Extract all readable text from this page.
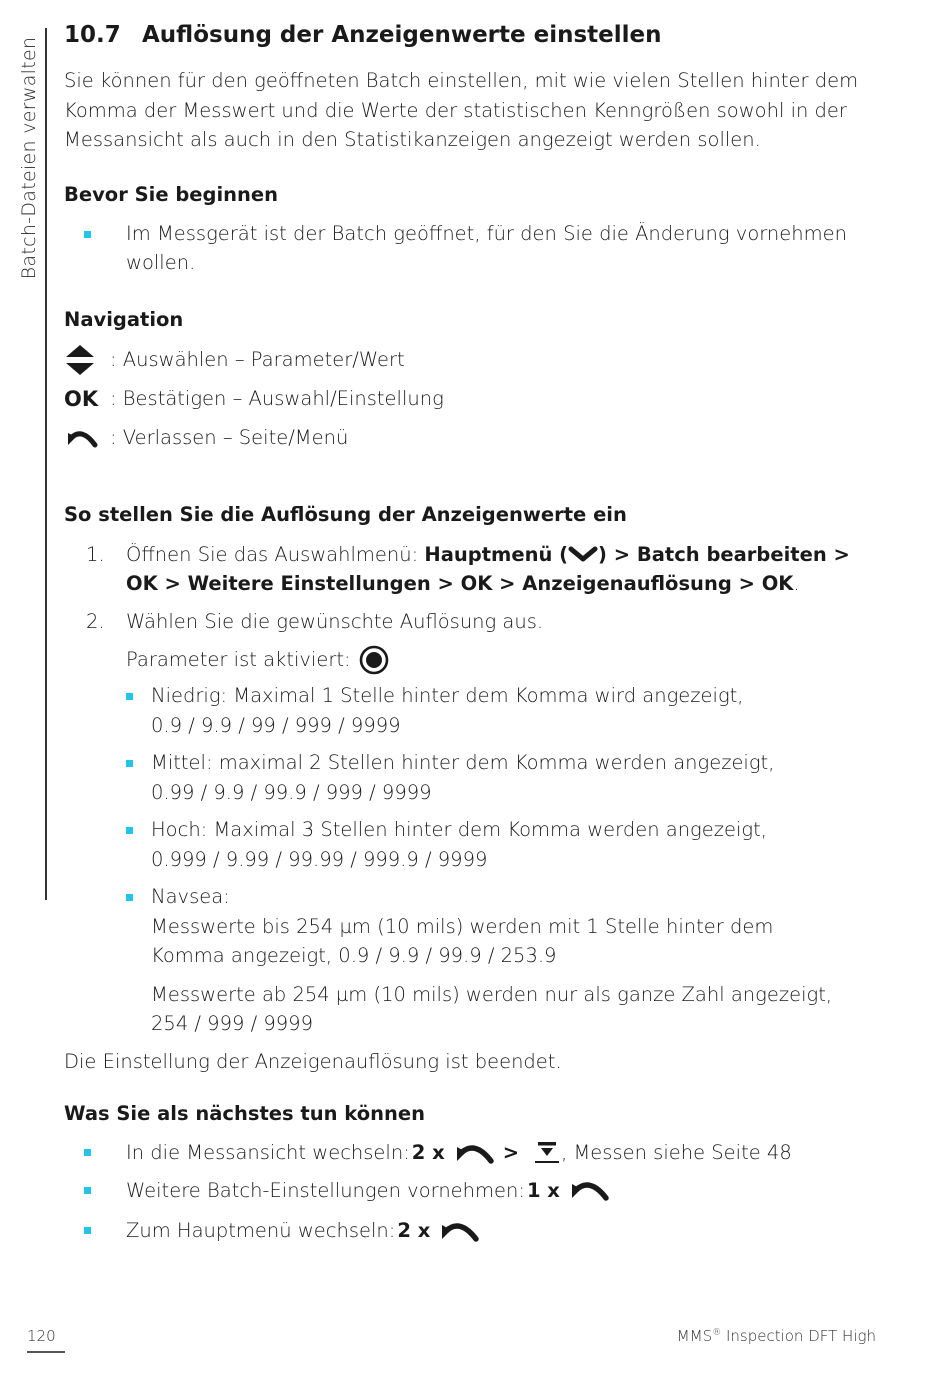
Batch-Dateien verwalten
10.7 Auflösung der Anzeigenwerte einstellen

Sie können für den geöffneten Batch einstellen, mit wie vielen Stellen hinter dem Komma der Messwert und die Werte der statistischen Kenngrößen sowohl in der Messansicht als auch in den Statistikanzeigen angezeigt werden sollen.

Bevor Sie beginnen
Im Messgerät ist der Batch geöffnet, für den Sie die Änderung vornehmen wollen.
Navigation
: Auswählen – Parameter/Wert
OK : Bestätigen – Auswahl/Einstellung
: Verlassen – Seite/Menü
So stellen Sie die Auflösung der Anzeigenwerte ein
1.	Öffnen Sie das Auswahlmenü: Hauptmenü ( ) > Batch bearbeiten > OK > Weitere Einstellungen > OK > Anzeigenauflösung > OK.
2.	Wählen Sie die gewünschte Auflösung aus.
Parameter ist aktiviert:
Niedrig: Maximal 1 Stelle hinter dem Komma wird angezeigt,
0.9 / 9.9 / 99 / 999 / 9999
Mittel: maximal 2 Stellen hinter dem Komma werden angezeigt,
0.99 / 9.9 / 99.9 / 999 / 9999
Hoch: Maximal 3 Stellen hinter dem Komma werden angezeigt,
0.999 / 9.99 / 99.99 / 999.9 / 9999
Navsea:
Messwerte bis 254 µm (10 mils) werden mit 1 Stelle hinter dem Komma angezeigt, 0.9 / 9.9 / 99.9 / 253.9
Messwerte ab 254 µm (10 mils) werden nur als ganze Zahl angezeigt, 254 / 999 / 9999

Die Einstellung der Anzeigenauflösung ist beendet.

Was Sie als nächstes tun können
In die Messansicht wechseln: 2 x	> , Messen siehe Seite 48
Weitere Batch-Einstellungen vornehmen: 1 x
Zum Hauptmenü wechseln: 2 x
120	MMS® Inspection DFT High
